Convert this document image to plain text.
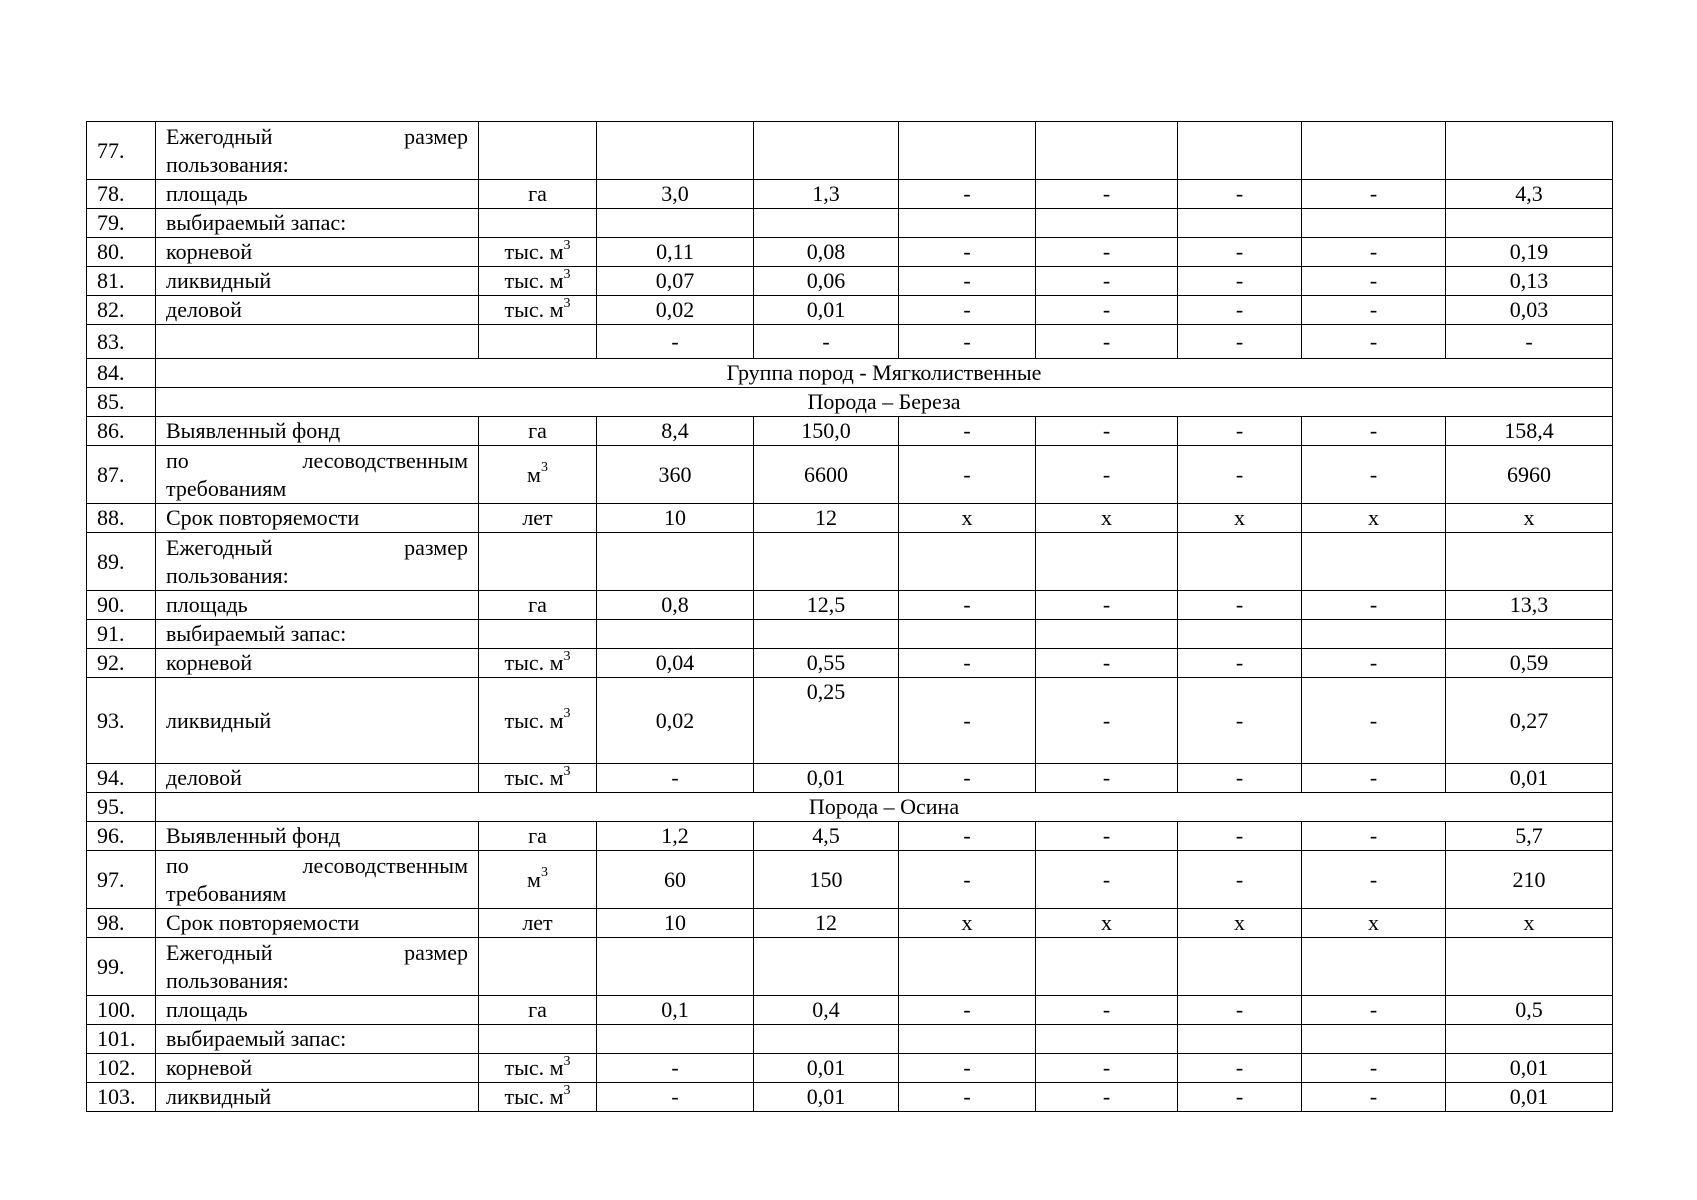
77.	Ежегодный размер
пользования:								

78.	площадь	га	3,0	1,3	-	-	-	-	4,3
79.	выбираемый запас:								
80.	корневой	тыс. $м^3$	0,11	0,08	-	-	-	-	0,19
81.	ликвидный	тыс. $м^3$	0,07	0,06	-	-	-	-	0,13
82.	деловой	тыс. $м^3$	0,02	0,01	-	-	-	-	0,03
83.			-	-	-	-	-	-	-
84.	Группа пород - Мягколиственные								
85.	Порода – Береза								
86.	Выявленный фонд	га	8,4	150,0	-	-	-	-	158,4
87.	по лесоводственным
требованиям	$м^3$	360	6600	-	-	-	-	6960
88.	Срок повторяемости	лет	10	12	х	х	х	х	х
89.	Ежегодный размер
пользования:								

90.	площадь	га	0,8	12,5	-	-	-	-	13,3
91.	выбираемый запас:								
92.	корневой	тыс. $м^3$	0,04	0,55	-	-	-	-	0,59
93.	ликвидный	тыс. $м^3$	0,02	0,25	-	-	-	-	0,27
94.	деловой	тыс. $м^3$	-	0,01	-	-	-	-	0,01
95.	Порода – Осина								
96.	Выявленный фонд	га	1,2	4,5	-	-	-	-	5,7
97.	по лесоводственным
требованиям	$м^3$	60	150	-	-	-	-	210
98.	Срок повторяемости	лет	10	12	х	х	х	х	х
99.	Ежегодный размер
пользования:								

100.	площадь	га	0,1	0,4	-	-	-	-	0,5
101.	выбираемый запас:								
102.	корневой	тыс. $м^3$	-	0,01	-	-	-	-	0,01
103.	ликвидный	тыс. $м^3$	-	0,01	-	-	-	-	0,01
